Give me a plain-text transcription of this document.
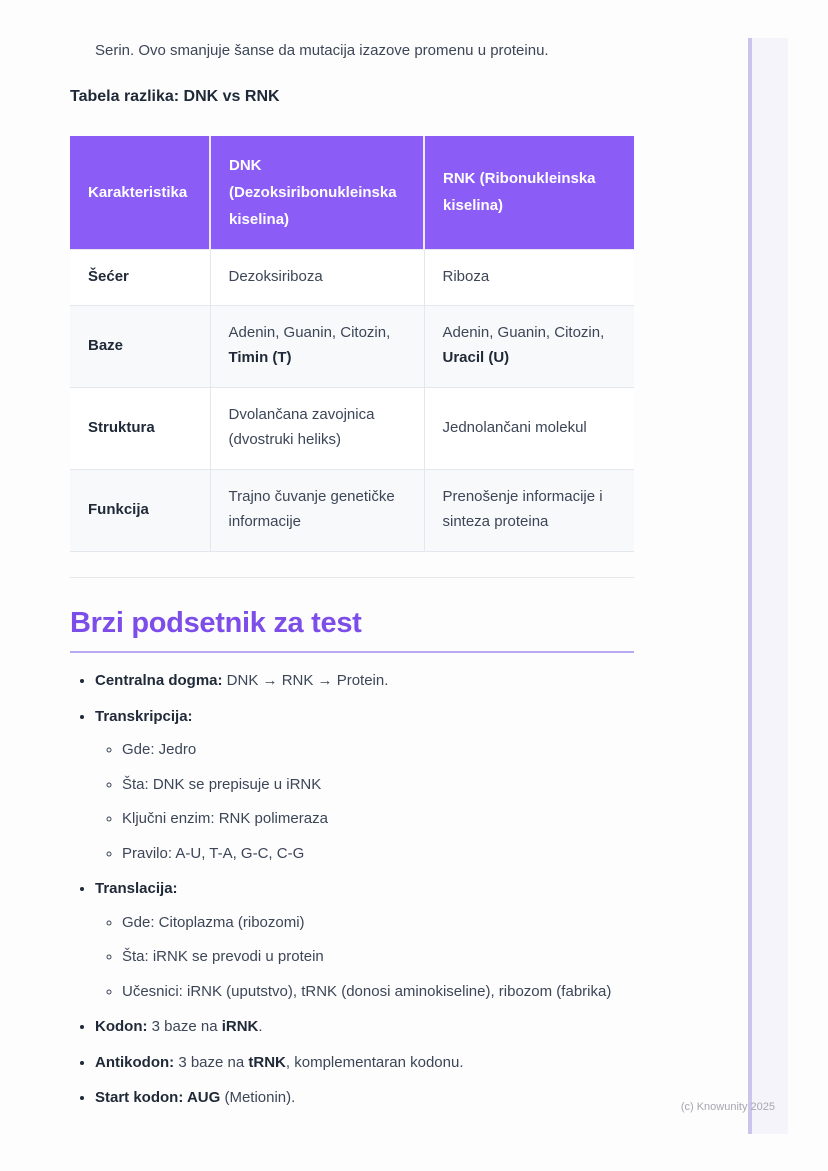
Serin. Ovo smanjuje šanse da mutacija izazove promenu u proteinu.

Tabela razlika: DNK vs RNK
Karakteristika	DNK (Dezoksiribonukleinska kiselina)	RNK (Ribonukleinska kiselina)
Šećer	Dezoksiriboza	Riboza
Baze	Adenin, Guanin, Citozin, Timin (T)	Adenin, Guanin, Citozin, Uracil (U)
Struktura	Dvolančana zavojnica (dvostruki heliks)	Jednolančani molekul
Funkcija	Trajno čuvanje genetičke informacije	Prenošenje informacije i sinteza proteina
Brzi podsetnik za test
• Centralna dogma: DNK → RNK → Protein.
• Transkripcija:
◦ Gde: Jedro
◦ Šta: DNK se prepisuje u iRNK
◦ Ključni enzim: RNK polimeraza
◦ Pravilo: A-U, T-A, G-C, C-G
• Translacija:
◦ Gde: Citoplazma (ribozomi)
◦ Šta: iRNK se prevodi u protein
◦ Učesnici: iRNK (uputstvo), tRNK (donosi aminokiseline), ribozom (fabrika)
• Kodon: 3 baze na iRNK.
• Antikodon: 3 baze na tRNK, komplementaran kodonu.
• Start kodon: AUG (Metionin).
(c) Knowunity 2025
